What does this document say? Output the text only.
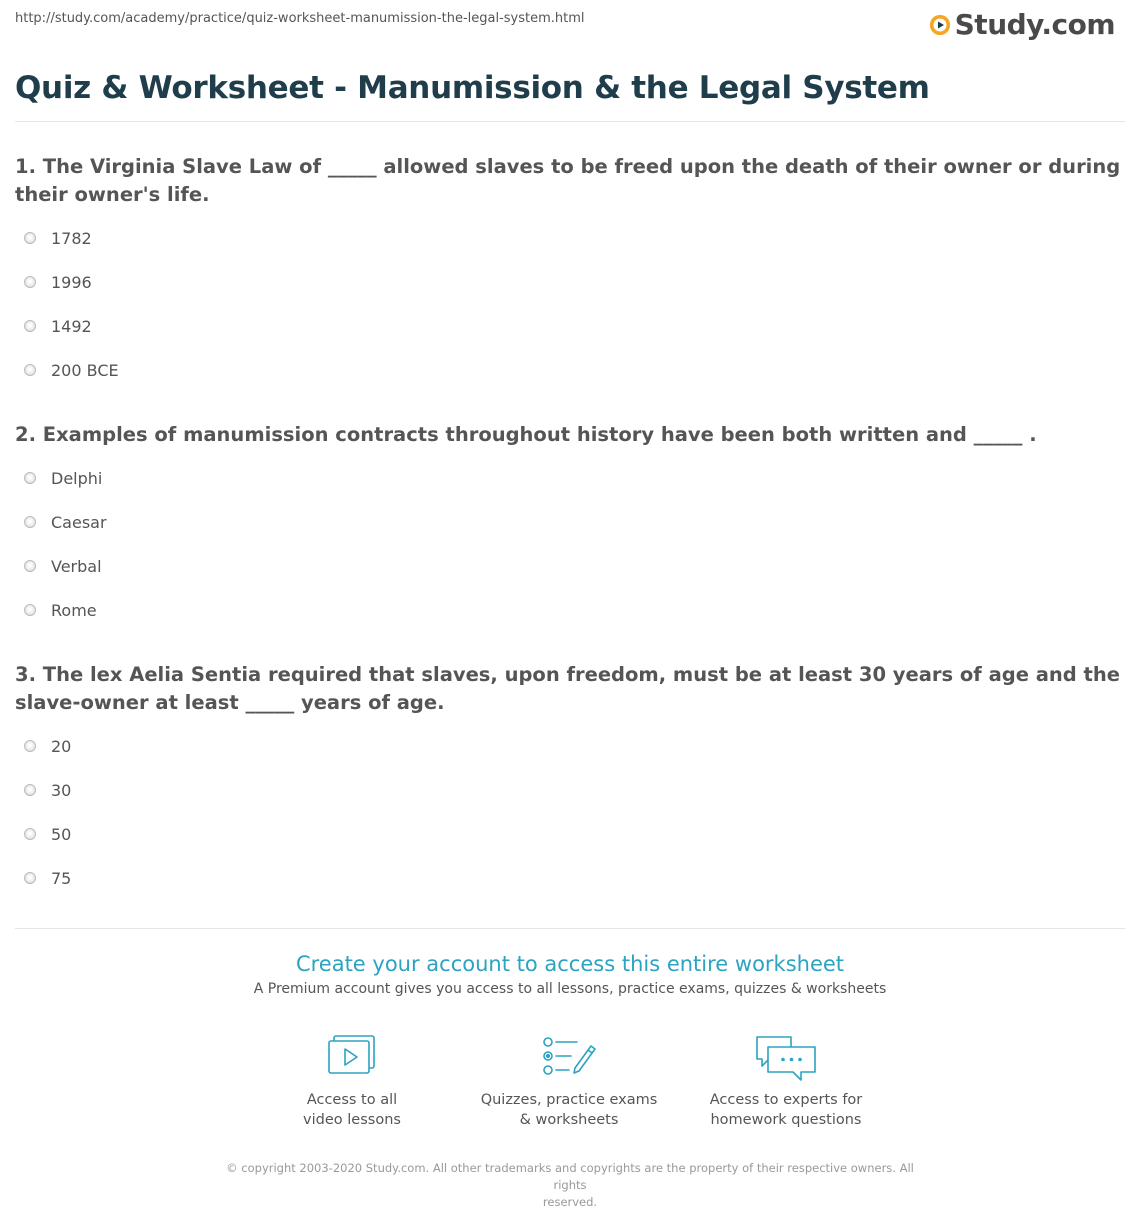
http://study.com/academy/practice/quiz-worksheet-manumission-the-legal-system.html	Study.com
Quiz & Worksheet - Manumission & the Legal System

1. The Virginia Slave Law of _____ allowed slaves to be freed upon the death of their owner or during their owner's life.

1782
1996
1492
200 BCE

2. Examples of manumission contracts throughout history have been both written and _____ .

Delphi
Caesar
Verbal
Rome

3. The lex Aelia Sentia required that slaves, upon freedom, must be at least 30 years of age and the slave-owner at least _____ years of age.

20
30
50
75
Create your account to access this entire worksheet
A Premium account gives you access to all lessons, practice exams, quizzes & worksheets
Access to all
video lessons
Quizzes, practice exams
& worksheets
Access to experts for
homework questions
© copyright 2003-2020 Study.com. All other trademarks and copyrights are the property of their respective owners. All rights
reserved.
